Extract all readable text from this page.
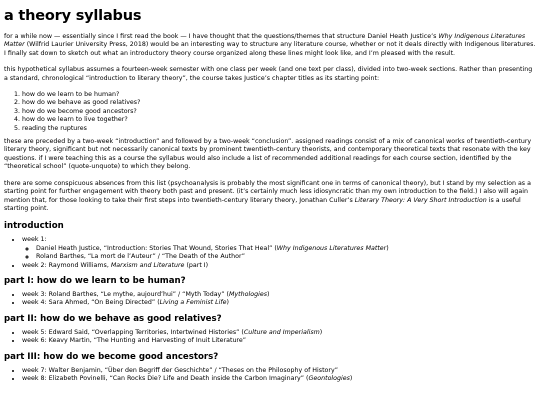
a theory syllabus

for a while now — essentially since I first read the book — I have thought that the questions/themes that structure Daniel Heath Justice’s Why Indigenous Literatures Matter (Wilfrid Laurier University Press, 2018) would be an interesting way to structure any literature course, whether or not it deals directly with Indigenous literatures. I finally sat down to sketch out what an introductory theory course organized along these lines might look like, and I’m pleased with the result.

this hypothetical syllabus assumes a fourteen-week semester with one class per week (and one text per class), divided into two-week sections. Rather than presenting a standard, chronological “introduction to literary theory”, the course takes Justice’s chapter titles as its starting point:

1. how do we learn to be human?
2. how do we behave as good relatives?
3. how do we become good ancestors?
4. how do we learn to live together?
5. reading the ruptures

these are preceded by a two-week “introduction” and followed by a two-week “conclusion”. assigned readings consist of a mix of canonical works of twentieth-century literary theory, significant but not necessarily canonical texts by prominent twentieth-century theorists, and contemporary theoretical texts that resonate with the key questions. if I were teaching this as a course the syllabus would also include a list of recommended additional readings for each course section, identified by the “theoretical school” (quote-unquote) to which they belong.

there are some conspicuous absences from this list (psychoanalysis is probably the most significant one in terms of canonical theory), but I stand by my selection as a starting point for further engagement with theory both past and present. (it’s certainly much less idiosyncratic than my own introduction to the field.) I also will again mention that, for those looking to take their first steps into twentieth-century literary theory, Jonathan Culler’s Literary Theory: A Very Short Introduction is a useful starting point.

introduction
• week 1:
◦ Daniel Heath Justice, “Introduction: Stories That Wound, Stories That Heal” (Why Indigenous Literatures Matter)
◦ Roland Barthes, “La mort de l’Auteur” / “The Death of the Author”
• week 2: Raymond Williams, Marxism and Literature (part I)
part I: how do we learn to be human?
• week 3: Roland Barthes, “Le mythe, aujourd’hui” / “Myth Today” (Mythologies)
• week 4: Sara Ahmed, “On Being Directed” (Living a Feminist Life)
part II: how do we behave as good relatives?
• week 5: Edward Said, “Overlapping Territories, Intertwined Histories” (Culture and Imperialism)
• week 6: Keavy Martin, “The Hunting and Harvesting of Inuit Literature”
part III: how do we become good ancestors?
• week 7: Walter Benjamin, “Über den Begriff der Geschichte” / “Theses on the Philosophy of History”
• week 8: Elizabeth Povinelli, “Can Rocks Die? Life and Death inside the Carbon Imaginary” (Geontologies)
